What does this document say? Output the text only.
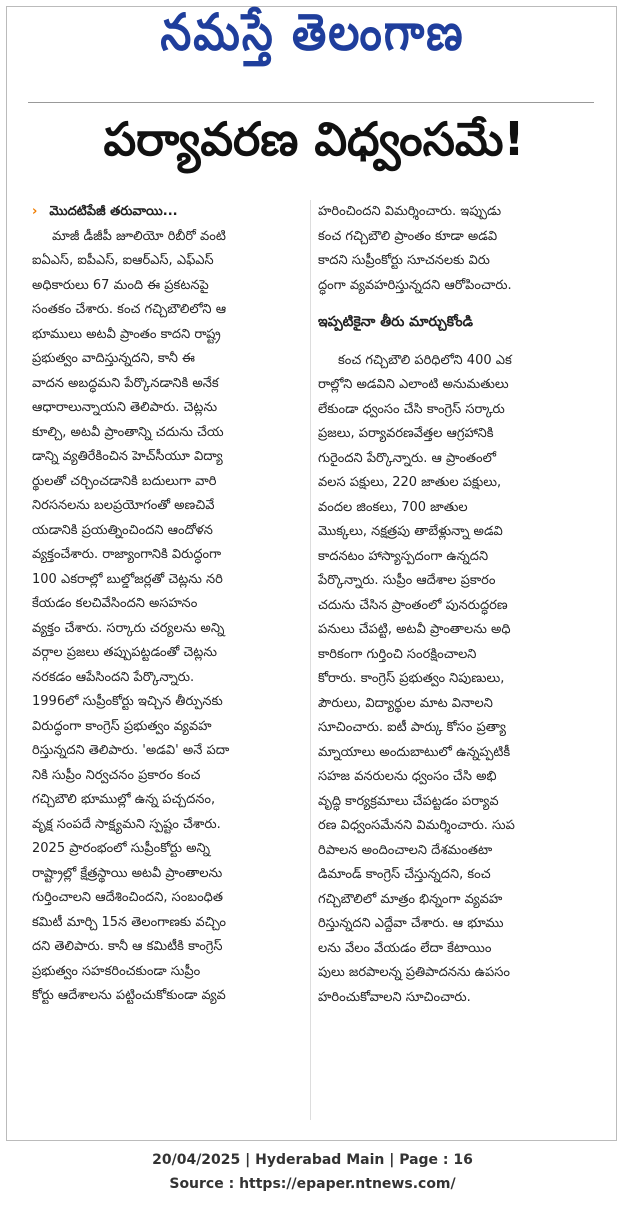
నమస్తే తెలంగాణ
పర్యావరణ విధ్వంసమే!

› మొదటిపేజీ తరువాయి...

మాజీ డీజీపీ జూలియో రిబీరో వంటి

ఐఏఎస్, ఐపీఎస్, ఐఆర్ఎస్, ఎఫ్ఎస్

అధికారులు 67 మంది ఈ ప్రకటనపై

సంతకం చేశారు. కంచ గచ్చిబౌలిలోని ఆ

భూములు అటవీ ప్రాంతం కాదని రాష్ట్ర

ప్రభుత్వం వాదిస్తున్నదని, కానీ ఈ

వాదన అబద్ధమని పేర్కొనడానికి అనేక

ఆధారాలున్నాయని తెలిపారు. చెట్లను

కూల్చి, అటవీ ప్రాంతాన్ని చదును చేయ

డాన్ని వ్యతిరేకించిన హెచ్‌సీయూ విద్యా

ర్థులతో చర్చించడానికి బదులుగా వారి

నిరసనలను బలప్రయోగంతో అణచివే

యడానికి ప్రయత్నించిందని ఆందోళన

వ్యక్తంచేశారు. రాజ్యాంగానికి విరుద్ధంగా

100 ఎకరాల్లో బుల్డోజర్లతో చెట్లను నరి

కేయడం కలచివేసిందని అసహనం

వ్యక్తం చేశారు. సర్కారు చర్యలను అన్ని

వర్గాల ప్రజలు తప్పుపట్టడంతో చెట్లను

నరకడం ఆపేసిందని పేర్కొన్నారు.

1996లో సుప్రీంకోర్టు ఇచ్చిన తీర్పునకు

విరుద్ధంగా కాంగ్రెస్ ప్రభుత్వం వ్యవహ

రిస్తున్నదని తెలిపారు. 'అడవి' అనే పదా

నికి సుప్రీం నిర్వచనం ప్రకారం కంచ

గచ్చిబౌలి భూముల్లో ఉన్న పచ్చదనం,

వృక్ష సంపదే సాక్ష్యమని స్పష్టం చేశారు.

2025 ప్రారంభంలో సుప్రీంకోర్టు అన్ని

రాష్ట్రాల్లో క్షేత్రస్థాయి అటవీ ప్రాంతాలను

గుర్తించాలని ఆదేశించిందని, సంబంధిత

కమిటీ మార్చి 15న తెలంగాణకు వచ్చిం

దని తెలిపారు. కానీ ఆ కమిటీకి కాంగ్రెస్

ప్రభుత్వం సహకరించకుండా సుప్రీం

కోర్టు ఆదేశాలను పట్టించుకోకుండా వ్యవ

హరించిందని విమర్శించారు. ఇప్పుడు

కంచ గచ్చిబౌలి ప్రాంతం కూడా అడవి

కాదని సుప్రీంకోర్టు సూచనలకు విరు

ద్ధంగా వ్యవహరిస్తున్నదని ఆరోపించారు.

ఇప్పటికైనా తీరు మార్చుకోండి

కంచ గచ్చిబౌలి పరిధిలోని 400 ఎక

రాల్లోని అడవిని ఎలాంటి అనుమతులు

లేకుండా ధ్వంసం చేసి కాంగ్రెస్ సర్కారు

ప్రజలు, పర్యావరణవేత్తల ఆగ్రహానికి

గురైందని పేర్కొన్నారు. ఆ ప్రాంతంలో

వలస పక్షులు, 220 జాతుల పక్షులు,

వందల జింకలు, 700 జాతుల

మొక్కలు, నక్షత్రపు తాబేళ్లున్నా అడవి

కాదనటం హాస్యాస్పదంగా ఉన్నదని

పేర్కొన్నారు. సుప్రీం ఆదేశాల ప్రకారం

చదును చేసిన ప్రాంతంలో పునరుద్ధరణ

పనులు చేపట్టి, అటవీ ప్రాంతాలను అధి

కారికంగా గుర్తించి సంరక్షించాలని

కోరారు. కాంగ్రెస్ ప్రభుత్వం నిపుణులు,

పౌరులు, విద్యార్థుల మాట వినాలని

సూచించారు. ఐటీ పార్కు కోసం ప్రత్యా

మ్నాయాలు అందుబాటులో ఉన్నప్పటికీ

సహజ వనరులను ధ్వంసం చేసి అభి

వృద్ధి కార్యక్రమాలు చేపట్టడం పర్యావ

రణ విధ్వంసమేనని విమర్శించారు. సుప

రిపాలన అందించాలని దేశమంతటా

డిమాండ్ కాంగ్రెస్ చేస్తున్నదని, కంచ

గచ్చిబౌలిలో మాత్రం భిన్నంగా వ్యవహ

రిస్తున్నదని ఎద్దేవా చేశారు. ఆ భూము

లను వేలం వేయడం లేదా కేటాయిం

పులు జరపాలన్న ప్రతిపాదనను ఉపసం

హరించుకోవాలని సూచించారు.

20/04/2025 | Hyderabad Main | Page : 16
Source : https://epaper.ntnews.com/
